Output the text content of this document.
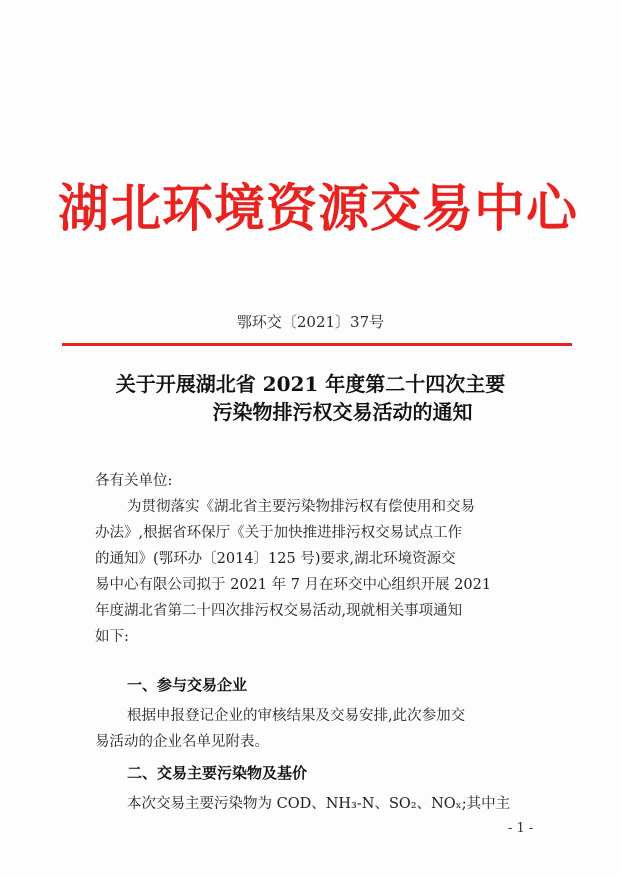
湖北环境资源交易中心
鄂环交〔2021〕37号
关于开展湖北省 2021 年度第二十四次主要
污染物排污权交易活动的通知
各有关单位:
为贯彻落实《湖北省主要污染物排污权有偿使用和交易
办法》,根据省环保厅《关于加快推进排污权交易试点工作
的通知》(鄂环办〔2014〕125 号)要求,湖北环境资源交
易中心有限公司拟于 2021 年 7 月在环交中心组织开展 2021
年度湖北省第二十四次排污权交易活动,现就相关事项通知
如下:
一、参与交易企业
根据申报登记企业的审核结果及交易安排,此次参加交
易活动的企业名单见附表。
二、交易主要污染物及基价
本次交易主要污染物为 COD、NH₃-N、SO₂、NOₓ;其中主
- 1 -
